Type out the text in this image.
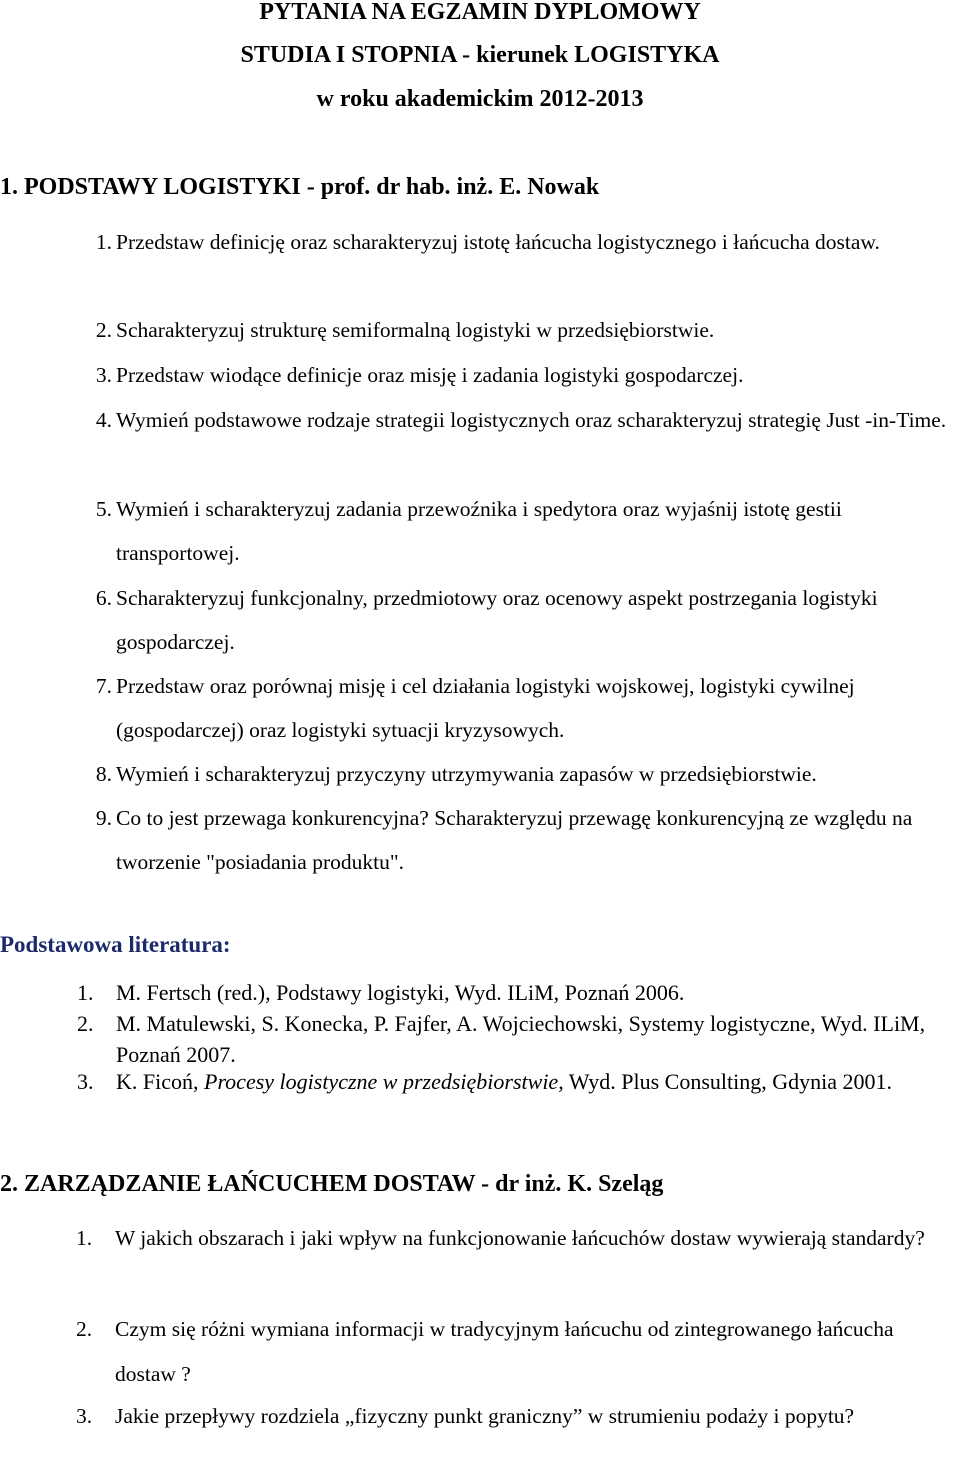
PYTANIA NA EGZAMIN DYPLOMOWY
STUDIA I STOPNIA - kierunek LOGISTYKA
w roku akademickim 2012-2013
1. PODSTAWY LOGISTYKI - prof. dr hab. inż. E. Nowak
1. Przedstaw definicję oraz scharakteryzuj istotę łańcucha logistycznego i łańcucha dostaw.
2. Scharakteryzuj strukturę semiformalną logistyki w przedsiębiorstwie.
3. Przedstaw wiodące definicje oraz misję i zadania logistyki gospodarczej.
4. Wymień podstawowe rodzaje strategii logistycznych oraz scharakteryzuj strategię Just -in-Time.
5. Wymień i scharakteryzuj zadania przewoźnika i spedytora oraz wyjaśnij istotę gestii transportowej.
6. Scharakteryzuj funkcjonalny, przedmiotowy oraz ocenowy aspekt postrzegania logistyki gospodarczej.
7. Przedstaw oraz porównaj misję i cel działania logistyki wojskowej, logistyki cywilnej (gospodarczej) oraz logistyki sytuacji kryzysowych.
8. Wymień i scharakteryzuj przyczyny utrzymywania zapasów w przedsiębiorstwie.
9. Co to jest przewaga konkurencyjna? Scharakteryzuj przewagę konkurencyjną ze względu na tworzenie "posiadania produktu".
Podstawowa literatura:
1.	M. Fertsch (red.), Podstawy logistyki, Wyd. ILiM, Poznań 2006.
2.	M. Matulewski, S. Konecka, P. Fajfer, A. Wojciechowski, Systemy logistyczne, Wyd. ILiM, Poznań 2007.
3.	K. Ficoń, Procesy logistyczne w przedsiębiorstwie, Wyd. Plus Consulting, Gdynia 2001.
2. ZARZĄDZANIE ŁAŃCUCHEM DOSTAW - dr inż. K. Szeląg
1.	W jakich obszarach i jaki wpływ na funkcjonowanie łańcuchów dostaw wywierają standardy?
2.	Czym się różni wymiana informacji w tradycyjnym łańcuchu od zintegrowanego łańcucha dostaw ?
3.	Jakie przepływy rozdziela „fizyczny punkt graniczny” w strumieniu podaży i popytu?
